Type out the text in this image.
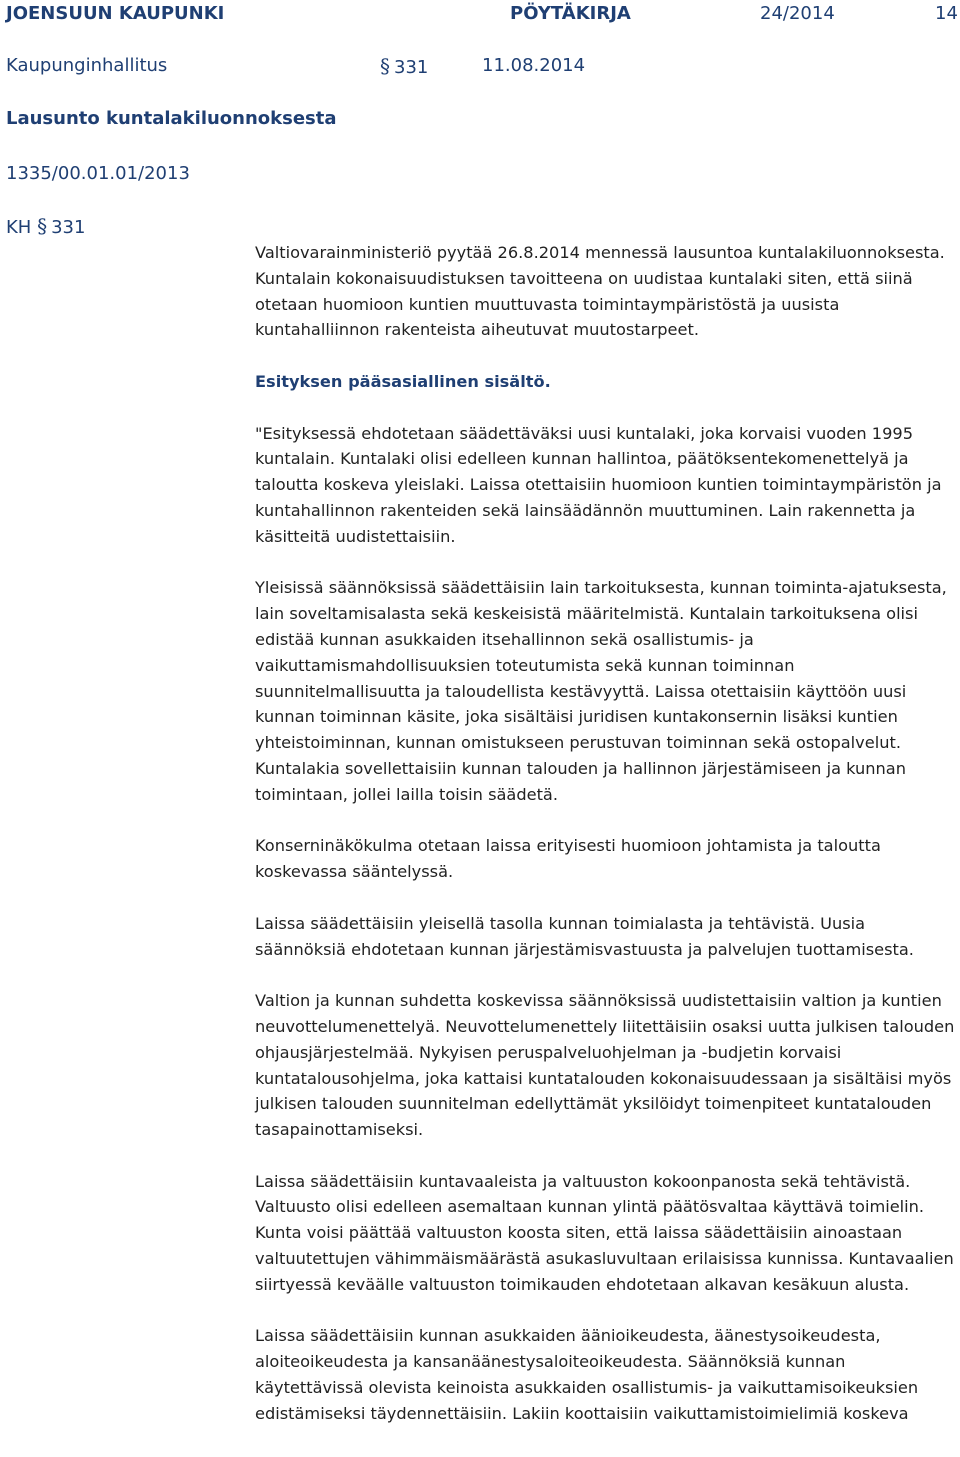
JOENSUUN KAUPUNKI	PÖYTÄKIRJA	24/2014	14
Kaupunginhallitus	§ 331	11.08.2014
Lausunto kuntalakiluonnoksesta
1335/00.01.01/2013
KH § 331

Valtiovarainministeriö pyytää 26.8.2014 mennessä lausuntoa kuntalakiluonnoksesta. Kuntalain kokonaisuudistuksen tavoitteena on uudistaa kuntalaki siten, että siinä otetaan huomioon kuntien muuttuvasta toimintaympäristöstä ja uusista kuntahalliinnon rakenteista aiheutuvat muutostarpeet.

Esityksen pääsasiallinen sisältö.

"Esityksessä ehdotetaan säädettäväksi uusi kuntalaki, joka korvaisi vuoden 1995 kuntalain. Kuntalaki olisi edelleen kunnan hallintoa, päätöksentekomenettelyä ja taloutta koskeva yleislaki. Laissa otettaisiin huomioon kuntien toimintaympäristön ja kuntahallinnon rakenteiden sekä lainsäädännön muuttuminen. Lain rakennetta ja käsitteitä uudistettaisiin.

Yleisissä säännöksissä säädettäisiin lain tarkoituksesta, kunnan toiminta-ajatuksesta, lain soveltamisalasta sekä keskeisistä määritelmistä. Kuntalain tarkoituksena olisi edistää kunnan asukkaiden itsehallinnon sekä osallistumis- ja vaikuttamismahdollisuuksien toteutumista sekä kunnan toiminnan suunnitelmallisuutta ja taloudellista kestävyyttä. Laissa otettaisiin käyttöön uusi kunnan toiminnan käsite, joka sisältäisi juridisen kuntakonsernin lisäksi kuntien yhteistoiminnan, kunnan omistukseen perustuvan toiminnan sekä ostopalvelut. Kuntalakia sovellettaisiin kunnan talouden ja hallinnon järjestämiseen ja kunnan toimintaan, jollei lailla toisin säädetä.

Konserninäkökulma otetaan laissa erityisesti huomioon johtamista ja taloutta koskevassa sääntelyssä.

Laissa säädettäisiin yleisellä tasolla kunnan toimialasta ja tehtävistä. Uusia säännöksiä ehdotetaan kunnan järjestämisvastuusta ja palvelujen tuottamisesta.

Valtion ja kunnan suhdetta koskevissa säännöksissä uudistettaisiin valtion ja kuntien neuvottelumenettelyä. Neuvottelumenettely liitettäisiin osaksi uutta julkisen talouden ohjausjärjestelmää. Nykyisen peruspalveluohjelman ja -budjetin korvaisi kuntatalousohjelma, joka kattaisi kuntatalouden kokonaisuudessaan ja sisältäisi myös julkisen talouden suunnitelman edellyttämät yksilöidyt toimenpiteet kuntatalouden tasapainottamiseksi.

Laissa säädettäisiin kuntavaaleista ja valtuuston kokoonpanosta sekä tehtävistä. Valtuusto olisi edelleen asemaltaan kunnan ylintä päätösvaltaa käyttävä toimielin. Kunta voisi päättää valtuuston koosta siten, että laissa säädettäisiin ainoastaan valtuutettujen vähimmäismäärästä asukasluvultaan erilaisissa kunnissa. Kuntavaalien siirtyessä keväälle valtuuston toimikauden ehdotetaan alkavan kesäkuun alusta.

Laissa säädettäisiin kunnan asukkaiden äänioikeudesta, äänestysoikeudesta, aloiteoikeudesta ja kansanäänestysaloiteoikeudesta. Säännöksiä kunnan käytettävissä olevista keinoista asukkaiden osallistumis- ja vaikuttamisoikeuksien edistämiseksi täydennettäisiin. Lakiin koottaisiin vaikuttamistoimielimiä koskeva
